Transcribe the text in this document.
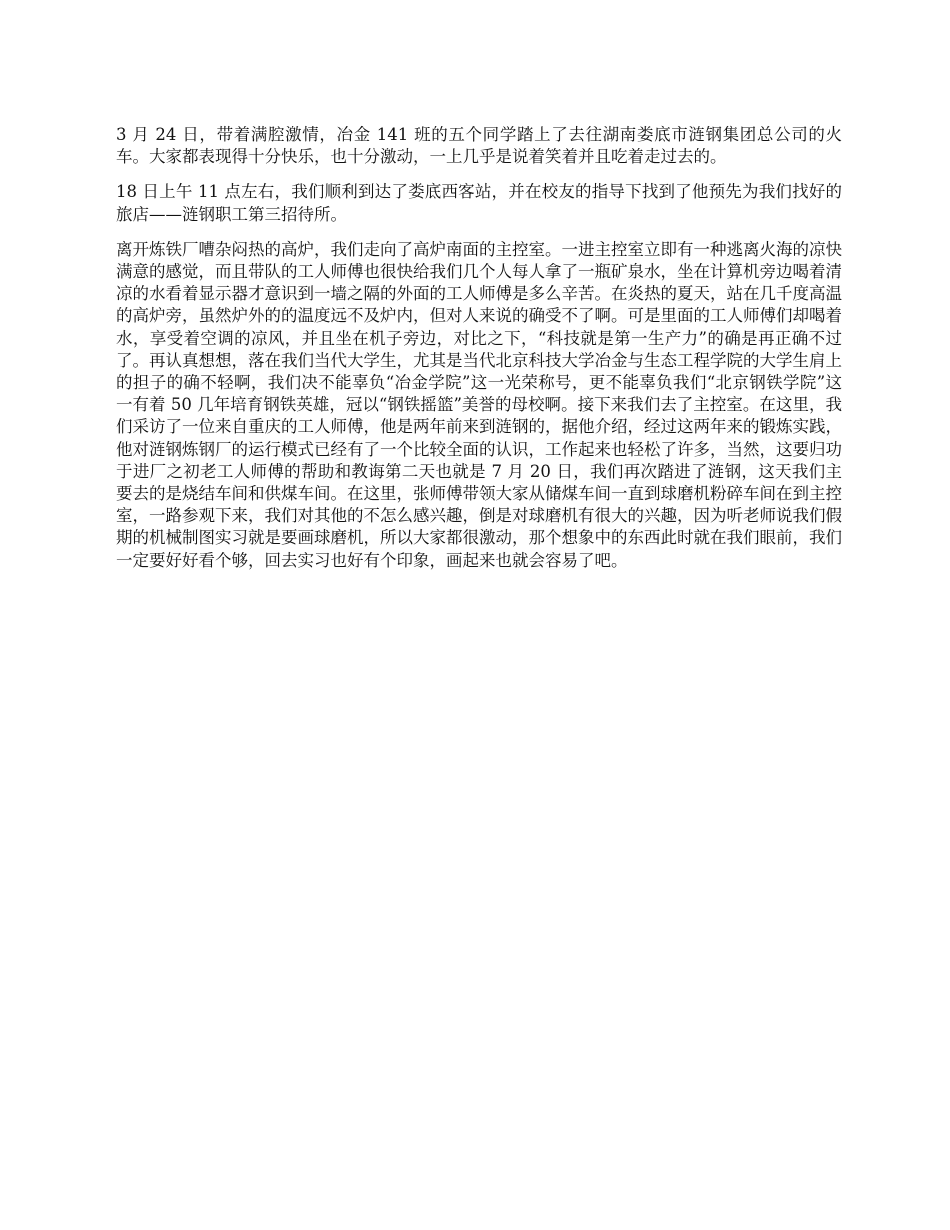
3 月 24 日，带着满腔激情，冶金 141 班的五个同学踏上了去往湖南娄底市涟钢集团总公司的火车。大家都表现得十分快乐，也十分激动，一上几乎是说着笑着并且吃着走过去的。

18 日上午 11 点左右，我们顺利到达了娄底西客站，并在校友的指导下找到了他预先为我们找好的旅店——涟钢职工第三招待所。

离开炼铁厂嘈杂闷热的高炉，我们走向了高炉南面的主控室。一进主控室立即有一种逃离火海的凉快满意的感觉，而且带队的工人师傅也很快给我们几个人每人拿了一瓶矿泉水，坐在计算机旁边喝着清凉的水看着显示器才意识到一墙之隔的外面的工人师傅是多么辛苦。在炎热的夏天，站在几千度高温的高炉旁，虽然炉外的的温度远不及炉内，但对人来说的确受不了啊。可是里面的工人师傅们却喝着水，享受着空调的凉风，并且坐在机子旁边，对比之下，“科技就是第一生产力”的确是再正确不过了。再认真想想，落在我们当代大学生，尤其是当代北京科技大学冶金与生态工程学院的大学生肩上的担子的确不轻啊，我们决不能辜负“冶金学院”这一光荣称号，更不能辜负我们“北京钢铁学院”这一有着 50 几年培育钢铁英雄，冠以“钢铁摇篮”美誉的母校啊。接下来我们去了主控室。在这里，我们采访了一位来自重庆的工人师傅，他是两年前来到涟钢的，据他介绍，经过这两年来的锻炼实践，他对涟钢炼钢厂的运行模式已经有了一个比较全面的认识，工作起来也轻松了许多，当然，这要归功于进厂之初老工人师傅的帮助和教诲第二天也就是 7 月 20 日，我们再次踏进了涟钢，这天我们主要去的是烧结车间和供煤车间。在这里，张师傅带领大家从储煤车间一直到球磨机粉碎车间在到主控室，一路参观下来，我们对其他的不怎么感兴趣，倒是对球磨机有很大的兴趣，因为听老师说我们假期的机械制图实习就是要画球磨机，所以大家都很激动，那个想象中的东西此时就在我们眼前，我们一定要好好看个够，回去实习也好有个印象，画起来也就会容易了吧。
